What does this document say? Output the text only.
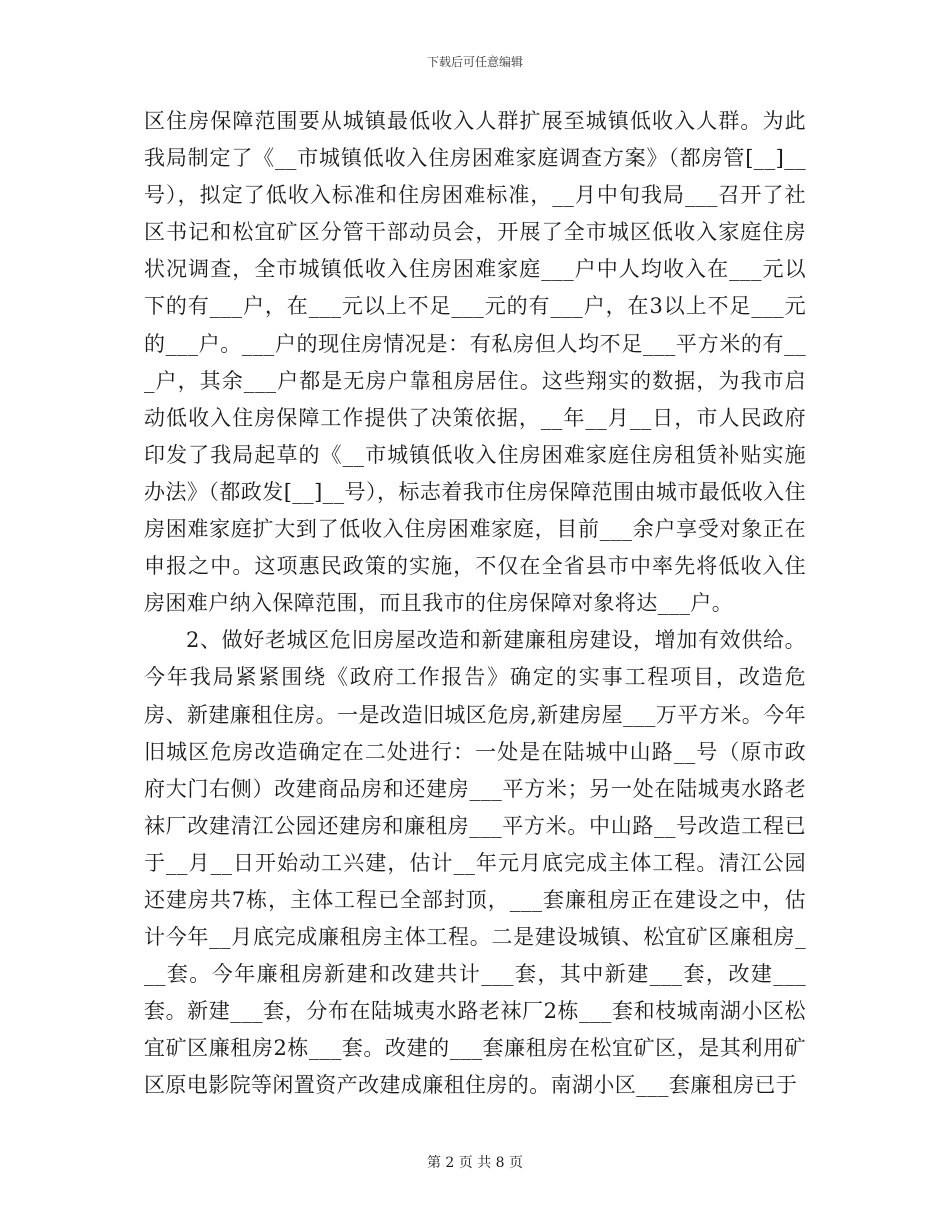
下载后可任意编辑

区住房保障范围要从城镇最低收入人群扩展至城镇低收入人群。为此我局制定了《__市城镇低收入住房困难家庭调查方案》（都房管[__]__号），拟定了低收入标准和住房困难标准，__月中旬我局___召开了社区书记和松宜矿区分管干部动员会，开展了全市城区低收入家庭住房状况调查，全市城镇低收入住房困难家庭___户中人均收入在___元以下的有___户，在___元以上不足___元的有___户，在3以上不足___元的___户。___户的现住房情况是：有私房但人均不足___平方米的有___户，其余___户都是无房户靠租房居住。这些翔实的数据，为我市启动低收入住房保障工作提供了决策依据，__年__月__日，市人民政府印发了我局起草的《__市城镇低收入住房困难家庭住房租赁补贴实施办法》（都政发[__]__号），标志着我市住房保障范围由城市最低收入住房困难家庭扩大到了低收入住房困难家庭，目前___余户享受对象正在申报之中。这项惠民政策的实施，不仅在全省县市中率先将低收入住房困难户纳入保障范围，而且我市的住房保障对象将达___户。

2、做好老城区危旧房屋改造和新建廉租房建设，增加有效供给。今年我局紧紧围绕《政府工作报告》确定的实事工程项目，改造危房、新建廉租住房。一是改造旧城区危房,新建房屋___万平方米。今年旧城区危房改造确定在二处进行：一处是在陆城中山路__号（原市政府大门右侧）改建商品房和还建房___平方米；另一处在陆城夷水路老袜厂改建清江公园还建房和廉租房___平方米。中山路__号改造工程已于__月__日开始动工兴建，估计__年元月底完成主体工程。清江公园还建房共7栋，主体工程已全部封顶，___套廉租房正在建设之中，估计今年__月底完成廉租房主体工程。二是建设城镇、松宜矿区廉租房___套。今年廉租房新建和改建共计___套，其中新建___套，改建___套。新建___套，分布在陆城夷水路老袜厂2栋___套和枝城南湖小区松宜矿区廉租房2栋___套。改建的___套廉租房在松宜矿区，是其利用矿区原电影院等闲置资产改建成廉租住房的。南湖小区___套廉租房已于

第 2 页 共 8 页
